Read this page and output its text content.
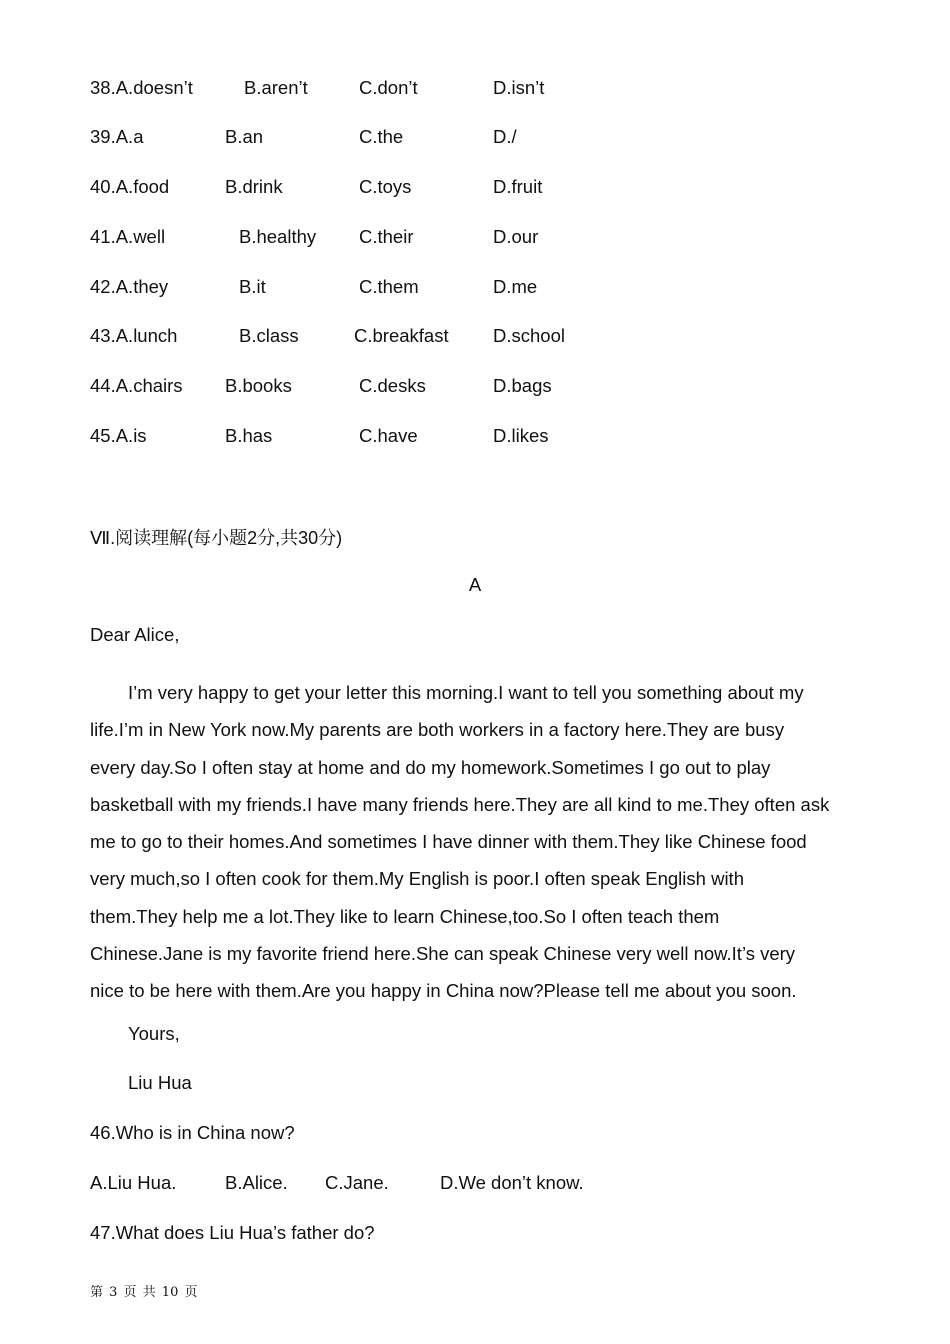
38.A.doesn’t	B.aren’t	C.don’t	D.isn’t
39.A.a	B.an	C.the	D./
40.A.food	B.drink	C.toys	D.fruit
41.A.well	B.healthy C.their	D.our
42.A.they	B.it	C.them	D.me
43.A.lunch	B.class	C.breakfast D.school
44.A.chairs B.books	C.desks	D.bags
45.A.is	B.has	C.have	D.likes
Ⅶ.阅读理解(每小题2分,共30分)
A
Dear Alice,
I’m very happy to get your letter this morning.I want to tell you something about my
life.I’m in New York now.My parents are both workers in a factory here.They are busy
every day.So I often stay at home and do my homework.Sometimes I go out to play
basketball with my friends.I have many friends here.They are all kind to me.They often ask
me to go to their homes.And sometimes I have dinner with them.They like Chinese food
very much,so I often cook for them.My English is poor.I often speak English with
them.They help me a lot.They like to learn Chinese,too.So I often teach them
Chinese.Jane is my favorite friend here.She can speak Chinese very well now.It’s very
nice to be here with them.Are you happy in China now?Please tell me about you soon.
Yours,
Liu Hua
46.Who is in China now?
A.Liu Hua.	B.Alice. C.Jane.	D.We don’t know.
47.What does Liu Hua’s father do?
第 3 页 共 10 页
